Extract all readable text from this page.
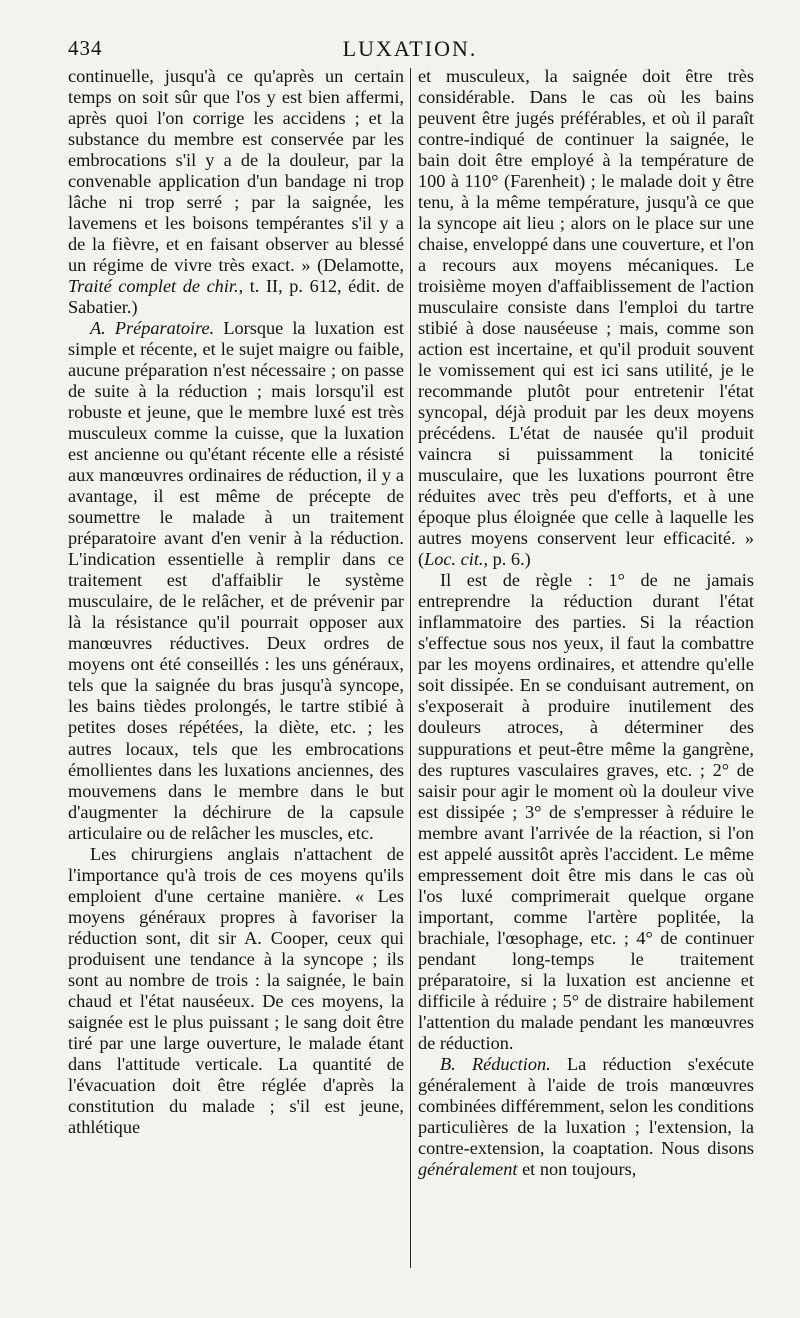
434	LUXATION.

continuelle, jusqu'à ce qu'après un certain temps on soit sûr que l'os y est bien affermi, après quoi l'on corrige les accidens ; et la substance du membre est conservée par les embrocations s'il y a de la douleur, par la convenable application d'un bandage ni trop lâche ni trop serré ; par la saignée, les lavemens et les boisons tempérantes s'il y a de la fièvre, et en faisant observer au blessé un régime de vivre très exact. » (Delamotte, Traité complet de chir., t. II, p. 612, édit. de Sabatier.)

A. Préparatoire. Lorsque la luxation est simple et récente, et le sujet maigre ou faible, aucune préparation n'est nécessaire ; on passe de suite à la réduction ; mais lorsqu'il est robuste et jeune, que le membre luxé est très musculeux comme la cuisse, que la luxation est ancienne ou qu'étant récente elle a résisté aux manœuvres ordinaires de réduction, il y a avantage, il est même de précepte de soumettre le malade à un traitement préparatoire avant d'en venir à la réduction. L'indication essentielle à remplir dans ce traitement est d'affaiblir le système musculaire, de le relâcher, et de prévenir par là la résistance qu'il pourrait opposer aux manœuvres réductives. Deux ordres de moyens ont été conseillés : les uns généraux, tels que la saignée du bras jusqu'à syncope, les bains tièdes prolongés, le tartre stibié à petites doses répétées, la diète, etc. ; les autres locaux, tels que les embrocations émollientes dans les luxations anciennes, des mouvemens dans le membre dans le but d'augmenter la déchirure de la capsule articulaire ou de relâcher les muscles, etc.

Les chirurgiens anglais n'attachent de l'importance qu'à trois de ces moyens qu'ils emploient d'une certaine manière. « Les moyens généraux propres à favoriser la réduction sont, dit sir A. Cooper, ceux qui produisent une tendance à la syncope ; ils sont au nombre de trois : la saignée, le bain chaud et l'état nauséeux. De ces moyens, la saignée est le plus puissant ; le sang doit être tiré par une large ouverture, le malade étant dans l'attitude verticale. La quantité de l'évacuation doit être réglée d'après la constitution du malade ; s'il est jeune, athlétique

et musculeux, la saignée doit être très considérable. Dans le cas où les bains peuvent être jugés préférables, et où il paraît contre-indiqué de continuer la saignée, le bain doit être employé à la température de 100 à 110° (Farenheit) ; le malade doit y être tenu, à la même température, jusqu'à ce que la syncope ait lieu ; alors on le place sur une chaise, enveloppé dans une couverture, et l'on a recours aux moyens mécaniques. Le troisième moyen d'affaiblissement de l'action musculaire consiste dans l'emploi du tartre stibié à dose nauséeuse ; mais, comme son action est incertaine, et qu'il produit souvent le vomissement qui est ici sans utilité, je le recommande plutôt pour entretenir l'état syncopal, déjà produit par les deux moyens précédens. L'état de nausée qu'il produit vaincra si puissamment la tonicité musculaire, que les luxations pourront être réduites avec très peu d'efforts, et à une époque plus éloignée que celle à laquelle les autres moyens conservent leur efficacité. » (Loc. cit., p. 6.)

Il est de règle : 1° de ne jamais entreprendre la réduction durant l'état inflammatoire des parties. Si la réaction s'effectue sous nos yeux, il faut la combattre par les moyens ordinaires, et attendre qu'elle soit dissipée. En se conduisant autrement, on s'exposerait à produire inutilement des douleurs atroces, à déterminer des suppurations et peut-être même la gangrène, des ruptures vasculaires graves, etc. ; 2° de saisir pour agir le moment où la douleur vive est dissipée ; 3° de s'empresser à réduire le membre avant l'arrivée de la réaction, si l'on est appelé aussitôt après l'accident. Le même empressement doit être mis dans le cas où l'os luxé comprimerait quelque organe important, comme l'artère poplitée, la brachiale, l'œsophage, etc. ; 4° de continuer pendant long-temps le traitement préparatoire, si la luxation est ancienne et difficile à réduire ; 5° de distraire habilement l'attention du malade pendant les manœuvres de réduction.

B. Réduction. La réduction s'exécute généralement à l'aide de trois manœuvres combinées différemment, selon les conditions particulières de la luxation ; l'extension, la contre-extension, la coaptation. Nous disons généralement et non toujours,
